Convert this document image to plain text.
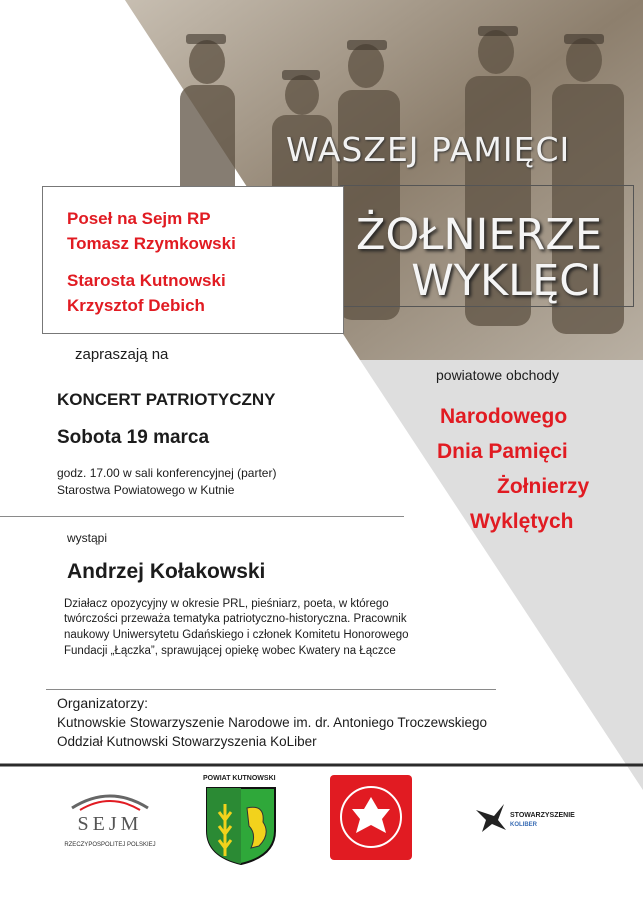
WASZEJ PAMIĘCI
ŻOŁNIERZE
WYKLĘCI
Poseł na Sejm RP
Tomasz Rzymkowski
Starosta Kutnowski
Krzysztof Debich
zapraszają na
KONCERT PATRIOTYCZNY
Sobota 19 marca
godz. 17.00 w sali konferencyjnej (parter)
Starostwa Powiatowego w Kutnie
powiatowe obchody
Narodowego
Dnia Pamięci
Żołnierzy
Wyklętych
wystąpi
Andrzej Kołakowski
Działacz opozycyjny w okresie PRL, pieśniarz, poeta, w którego
twórczości przeważa tematyka patriotyczno-historyczna. Pracownik
naukowy Uniwersytetu Gdańskiego i członek Komitetu Honorowego
Fundacji „Łączka”, sprawującej opiekę wobec Kwatery na Łączce
Organizatorzy:
Kutnowskie Stowarzyszenie Narodowe im. dr. Antoniego Troczewskiego
Oddział Kutnowski Stowarzyszenia KoLiber
SEJM
RZECZYPOSPOLITEJ POLSKIEJ
POWIAT KUTNOWSKI
STOWARZYSZENIE
KOLIBER
